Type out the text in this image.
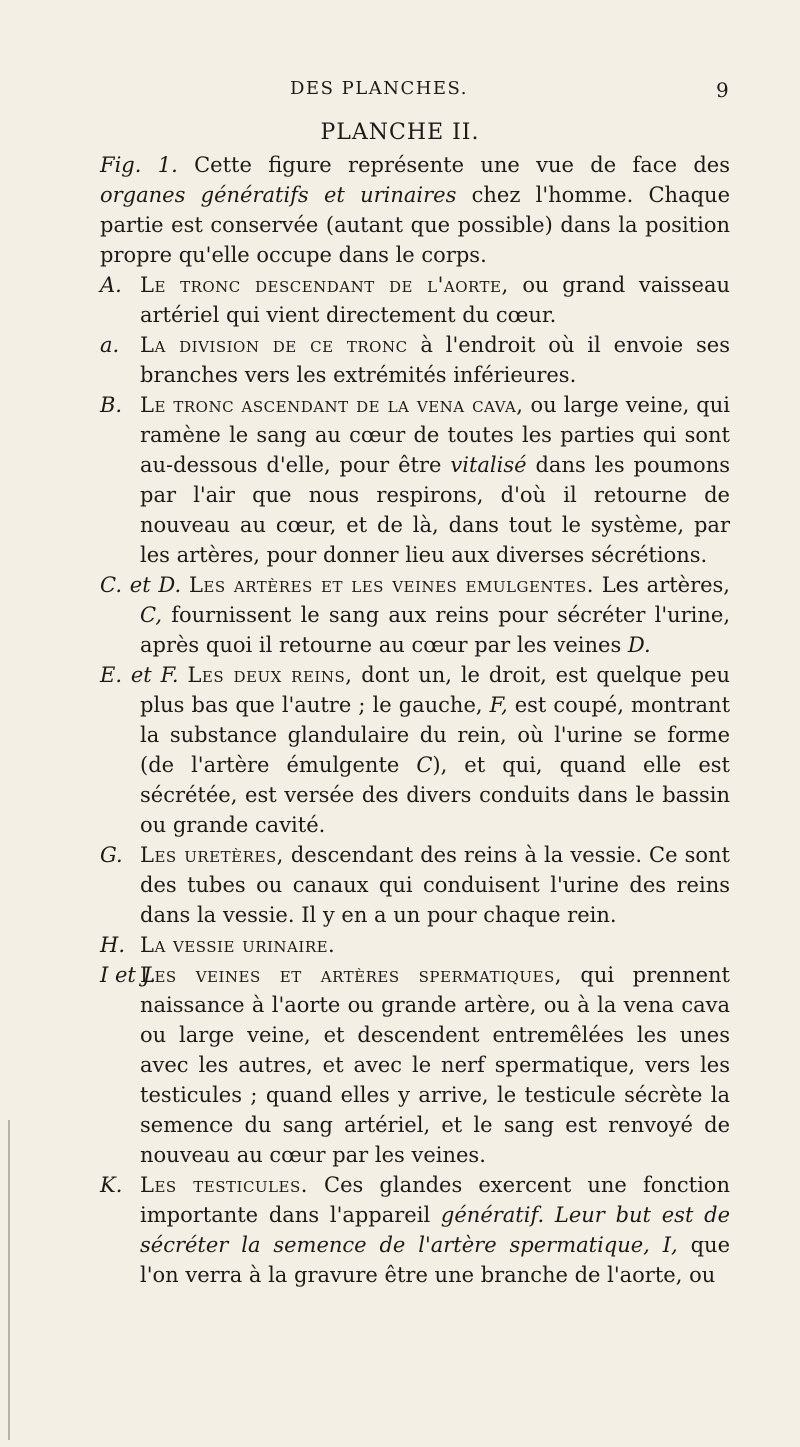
DES PLANCHES.	9
PLANCHE II.

Fig. 1. Cette figure représente une vue de face des organes génératifs et urinaires chez l'homme. Chaque partie est conservée (autant que possible) dans la position propre qu'elle occupe dans le corps.

A. Le tronc descendant de l'aorte, ou grand vaisseau artériel qui vient directement du cœur.

a. La division de ce tronc à l'endroit où il envoie ses branches vers les extrémités inférieures.

B. Le tronc ascendant de la vena cava, ou large veine, qui ramène le sang au cœur de toutes les parties qui sont au-dessous d'elle, pour être vitalisé dans les poumons par l'air que nous respirons, d'où il retourne de nouveau au cœur, et de là, dans tout le système, par les artères, pour donner lieu aux diverses sécrétions.

C. et D. Les artères et les veines emulgentes. Les artères, C, fournissent le sang aux reins pour sécréter l'urine, après quoi il retourne au cœur par les veines D.

E. et F. Les deux reins, dont un, le droit, est quelque peu plus bas que l'autre ; le gauche, F, est coupé, montrant la substance glandulaire du rein, où l'urine se forme (de l'artère émulgente C), et qui, quand elle est sécrétée, est versée des divers conduits dans le bassin ou grande cavité.

G. Les uretères, descendant des reins à la vessie. Ce sont des tubes ou canaux qui conduisent l'urine des reins dans la vessie. Il y en a un pour chaque rein.

H. La vessie urinaire.

I et J.
Les veines et artères spermatiques, qui prennent naissance à l'aorte ou grande artère, ou à la vena cava ou large veine, et descendent entremêlées les unes avec les autres, et avec le nerf spermatique, vers les testicules ; quand elles y arrive, le testicule sécrète la semence du sang artériel, et le sang est renvoyé de nouveau au cœur par les veines.

K. Les testicules. Ces glandes exercent une fonction importante dans l'appareil génératif. Leur but est de sécréter la semence de l'artère spermatique, I, que l'on verra à la gravure être une branche de l'aorte, ou
